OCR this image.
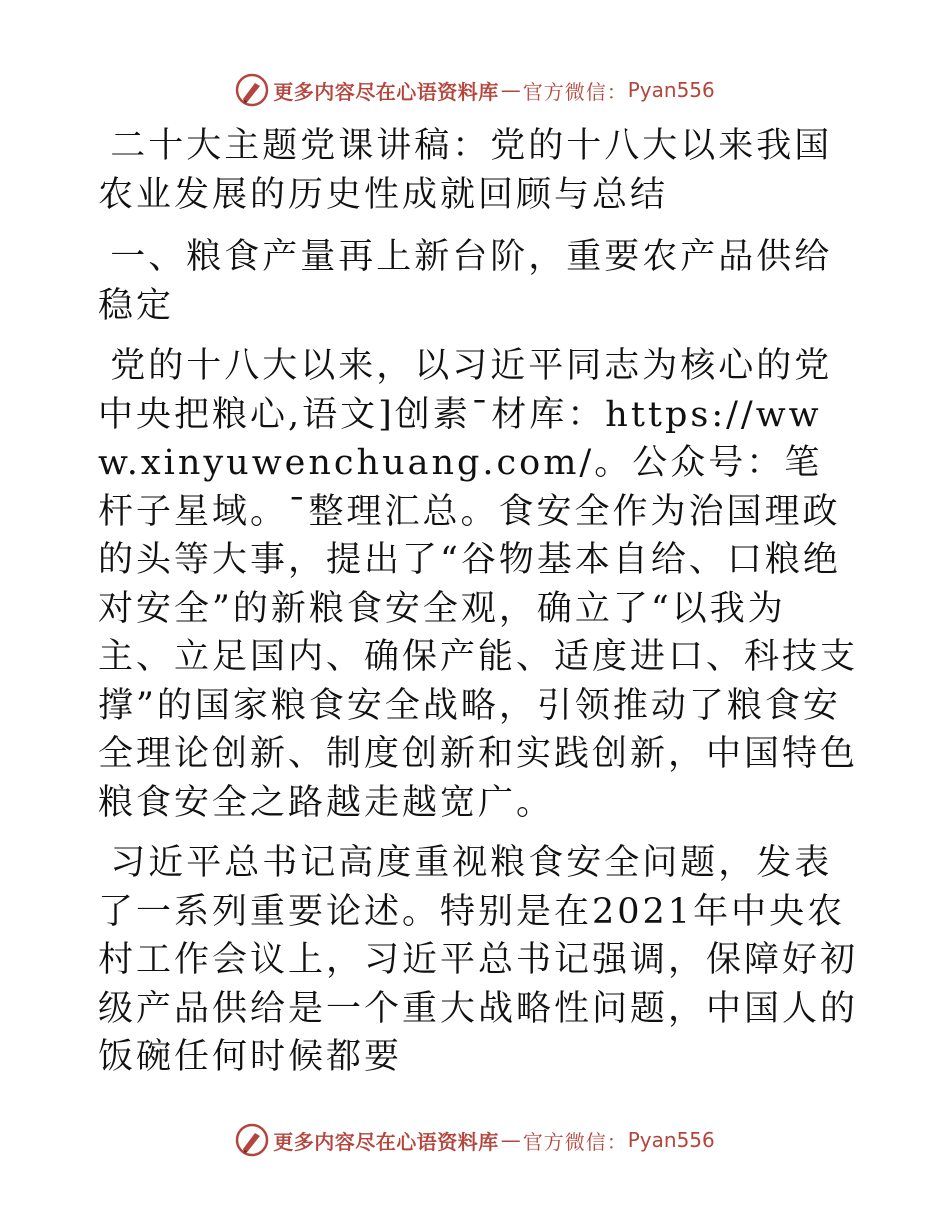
更多内容尽在心语资料库 — 官方微信： Pyan556

二十大主题党课讲稿：党的十八大以来我国农业发展的历史性成就回顾与总结

一、粮食产量再上新台阶，重要农产品供给稳定

党的十八大以来，以习近平同志为核心的党中央把粮心,语文]创素¯材库：https://www.xinyuwenchuang.com/。公众号：笔杆子星域。¯整理汇总。食安全作为治国理政的头等大事，提出了“谷物基本自给、口粮绝对安全”的新粮食安全观，确立了“以我为主、立足国内、确保产能、适度进口、科技支撑”的国家粮食安全战略，引领推动了粮食安全理论创新、制度创新和实践创新，中国特色粮食安全之路越走越宽广。

习近平总书记高度重视粮食安全问题，发表了一系列重要论述。特别是在2021年中央农村工作会议上，习近平总书记强调，保障好初级产品供给是一个重大战略性问题，中国人的饭碗任何时候都要

更多内容尽在心语资料库 — 官方微信： Pyan556
